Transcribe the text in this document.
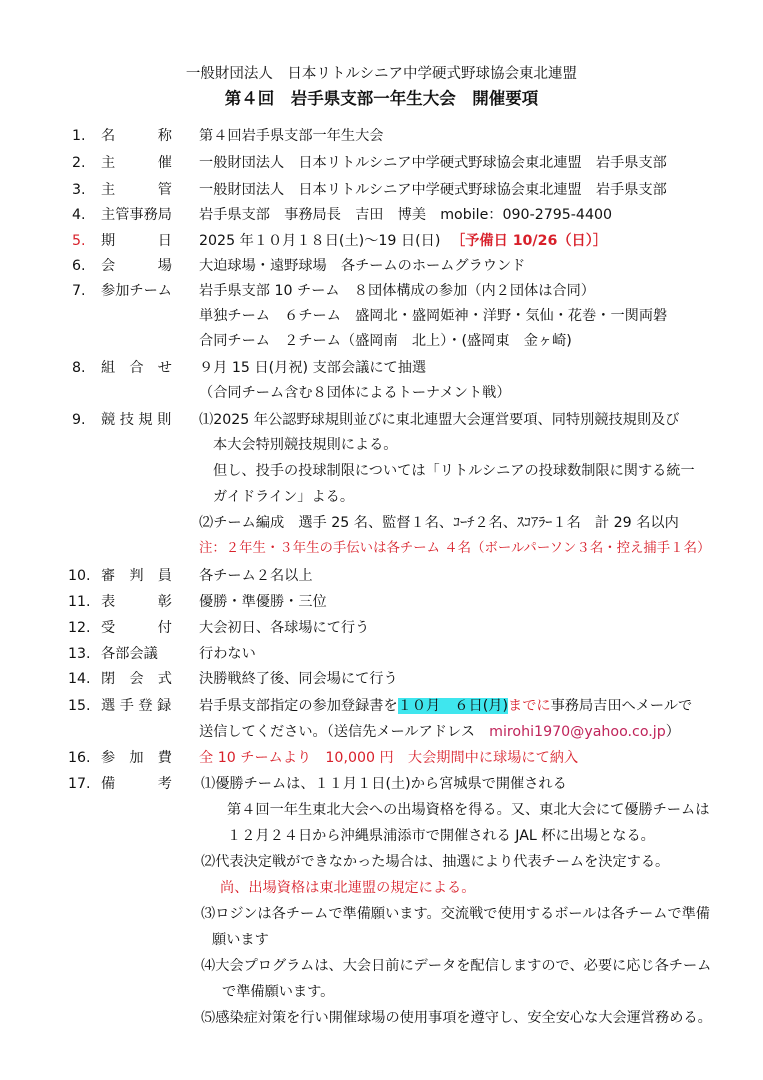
一般財団法人　日本リトルシニア中学硬式野球協会東北連盟
第４回　岩手県支部一年生大会　開催要項
1. 名　　　称 第４回岩手県支部一年生大会
2. 主　　　催 一般財団法人　日本リトルシニア中学硬式野球協会東北連盟　岩手県支部
3. 主　　　管 一般財団法人　日本リトルシニア中学硬式野球協会東北連盟　岩手県支部
4. 主管事務局 岩手県支部　事務局長　吉田　博美　mobile：090-2795-4400
5. 期　　　日 2025 年１０月１８日(土)～19 日(日) ［予備日 10/26（日）］
6. 会　　　場 大迫球場・遠野球場　各チームのホームグラウンド
7. 参加チーム 岩手県支部 10 チーム　８団体構成の参加（内２団体は合同）
単独チーム　６チーム　盛岡北・盛岡姫神・洋野・気仙・花巻・一関両磐
合同チーム　２チーム（盛岡南　北上）・(盛岡東　金ヶ崎)
8. 組　合　せ ９月 15 日(月祝) 支部会議にて抽選
（合同チーム含む８団体によるトーナメント戦）
9. 競 技 規 則 ⑴2025 年公認野球規則並びに東北連盟大会運営要項、同特別競技規則及び
本大会特別競技規則による。
但し、投手の投球制限については「リトルシニアの投球数制限に関する統一
ガイドライン」よる。
⑵チーム編成　選手 25 名、監督１名、ｺｰﾁ２名、ｽｺｱﾗｰ１名　計 29 名以内
注：２年生・３年生の手伝いは各チーム ４名（ボールパーソン３名・控え捕手１名）
10. 審　判　員 各チーム２名以上
11. 表　　　彰 優勝・準優勝・三位
12. 受　　　付 大会初日、各球場にて行う
13. 各部会議	行わない
14. 閉　会　式 決勝戦終了後、同会場にて行う
15. 選 手 登 録 岩手県支部指定の参加登録書を１０月　６日(月)までに事務局吉田へメールで
送信してください。（送信先メールアドレス　mirohi1970@yahoo.co.jp）
16. 参　加　費 全 10 チームより　10,000 円　大会期間中に球場にて納入
17. 備　　　考 ⑴優勝チームは、１１月１日(土)から宮城県で開催される
第４回一年生東北大会への出場資格を得る。又、東北大会にて優勝チームは
１２月２４日から沖縄県浦添市で開催される JAL 杯に出場となる。
⑵代表決定戦ができなかった場合は、抽選により代表チームを決定する。
尚、出場資格は東北連盟の規定による。
⑶ロジンは各チームで準備願います。交流戦で使用するボールは各チームで準備
願います
⑷大会プログラムは、大会日前にデータを配信しますので、必要に応じ各チーム
で準備願います。
⑸感染症対策を行い開催球場の使用事項を遵守し、安全安心な大会運営務める。
